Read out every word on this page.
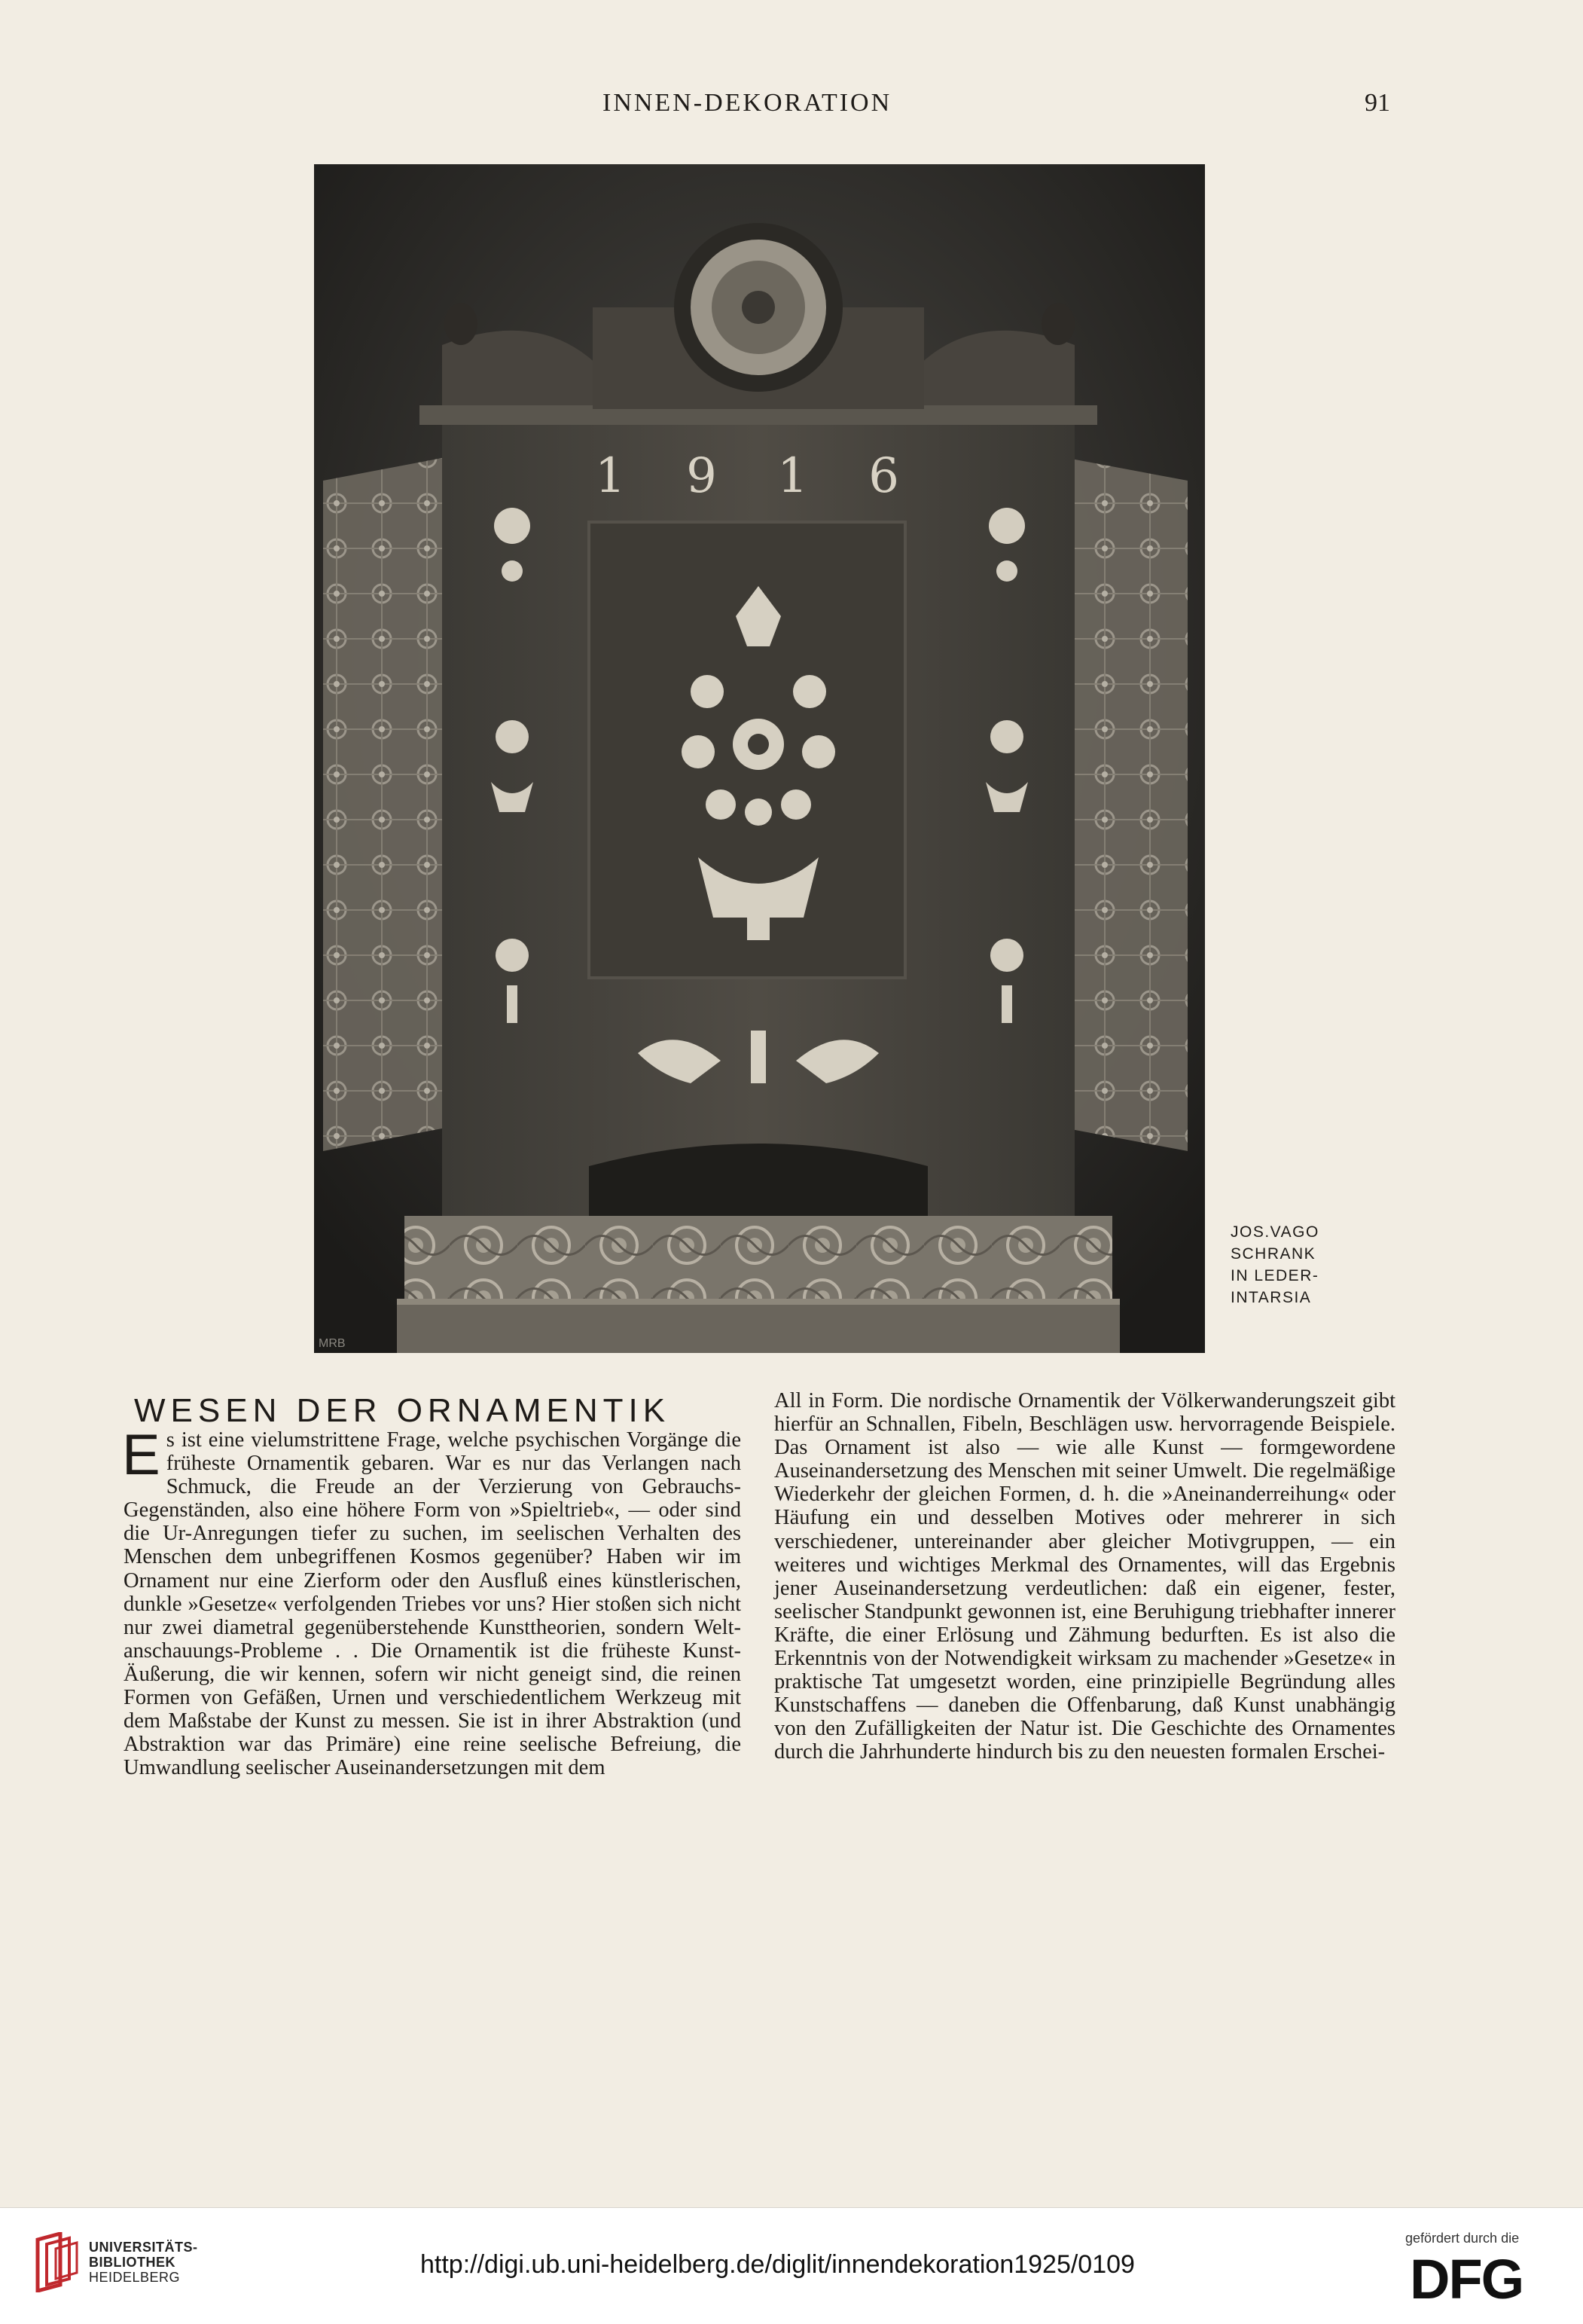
INNEN-DEKORATION	91
1 9 1 6
MRB
JOS.VAGO
SCHRANK
IN LEDER-
INTARSIA
WESEN DER ORNAMENTIK
E s ist eine vielumstrittene Frage, welche psychischen Vorgänge die früheste Ornamentik gebaren. War es nur das Verlangen nach Schmuck, die Freude an der Verzierung von Gebrauchs-Gegenständen, also eine höhere Form von »Spieltrieb«, — oder sind die Ur-Anregungen tiefer zu suchen, im seelischen Verhalten des Menschen dem unbegriffenen Kosmos gegenüber? Haben wir im Ornament nur eine Zierform oder den Ausfluß eines künstlerischen, dunkle »Gesetze« verfolgenden Triebes vor uns? Hier stoßen sich nicht nur zwei diametral gegenüberstehende Kunsttheorien, sondern Welt-anschauungs-Probleme . . Die Ornamentik ist die früheste Kunst-Äußerung, die wir kennen, sofern wir nicht geneigt sind, die reinen Formen von Gefäßen, Urnen und verschiedentlichem Werkzeug mit dem Maßstabe der Kunst zu messen. Sie ist in ihrer Abstraktion (und Abstraktion war das Primäre) eine reine seelische Befreiung, die Umwandlung seelischer Auseinandersetzungen mit dem

All in Form. Die nordische Ornamentik der Völkerwanderungszeit gibt hierfür an Schnallen, Fibeln, Beschlägen usw. hervorragende Beispiele. Das Ornament ist also — wie alle Kunst — formgewordene Auseinandersetzung des Menschen mit seiner Umwelt. Die regelmäßige Wiederkehr der gleichen Formen, d. h. die »Aneinanderreihung« oder Häufung ein und desselben Motives oder mehrerer in sich verschiedener, untereinander aber gleicher Motivgruppen, — ein weiteres und wichtiges Merkmal des Ornamentes, will das Ergebnis jener Auseinandersetzung verdeutlichen: daß ein eigener, fester, seelischer Standpunkt gewonnen ist, eine Beruhigung triebhafter innerer Kräfte, die einer Erlösung und Zähmung bedurften. Es ist also die Erkenntnis von der Notwendigkeit wirksam zu machender »Gesetze« in praktische Tat umgesetzt worden, eine prinzipielle Begründung alles Kunstschaffens — daneben die Offenbarung, daß Kunst unabhängig von den Zufälligkeiten der Natur ist. Die Geschichte des Ornamentes durch die Jahrhunderte hindurch bis zu den neuesten formalen Erschei-

UNIVERSITÄTS-
BIBLIOTHEK
HEIDELBERG	http://digi.ub.uni-heidelberg.de/diglit/innendekoration1925/0109
gefördert durch die
DFG
